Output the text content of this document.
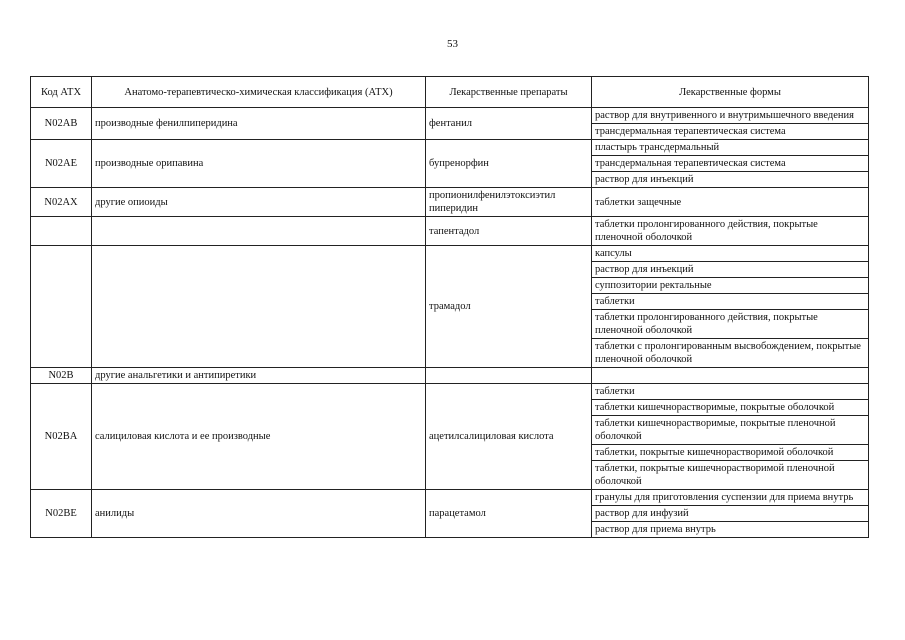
53
Код АТХ	Анатомо-терапевтическо-химическая классификация (АТХ)	Лекарственные препараты	Лекарственные формы
N02AB	производные фенилпиперидина	фентанил	раствор для внутривенного и внутримышечного введения
			трансдермальная терапевтическая система
N02AE	производные орипавина	бупренорфин	пластырь трансдермальный
			трансдермальная терапевтическая система
			раствор для инъекций
N02AX	другие опиоиды	пропионилфенилэтоксиэтил пиперидин	таблетки защечные
		тапентадол	таблетки пролонгированного действия, покрытые пленочной оболочкой
		трамадол	капсулы
			раствор для инъекций
			суппозитории ректальные
			таблетки
			таблетки пролонгированного действия, покрытые пленочной оболочкой
			таблетки с пролонгированным высвобождением, покрытые пленочной оболочкой
N02B	другие анальгетики и антипиретики		
N02BA	салициловая кислота и ее производные	ацетилсалициловая кислота	таблетки
			таблетки кишечнорастворимые, покрытые оболочкой
			таблетки кишечнорастворимые, покрытые пленочной оболочкой
			таблетки, покрытые кишечнорастворимой оболочкой
			таблетки, покрытые кишечнорастворимой пленочной оболочкой
N02BE	анилиды	парацетамол	гранулы для приготовления суспензии для приема внутрь
			раствор для инфузий
			раствор для приема внутрь
